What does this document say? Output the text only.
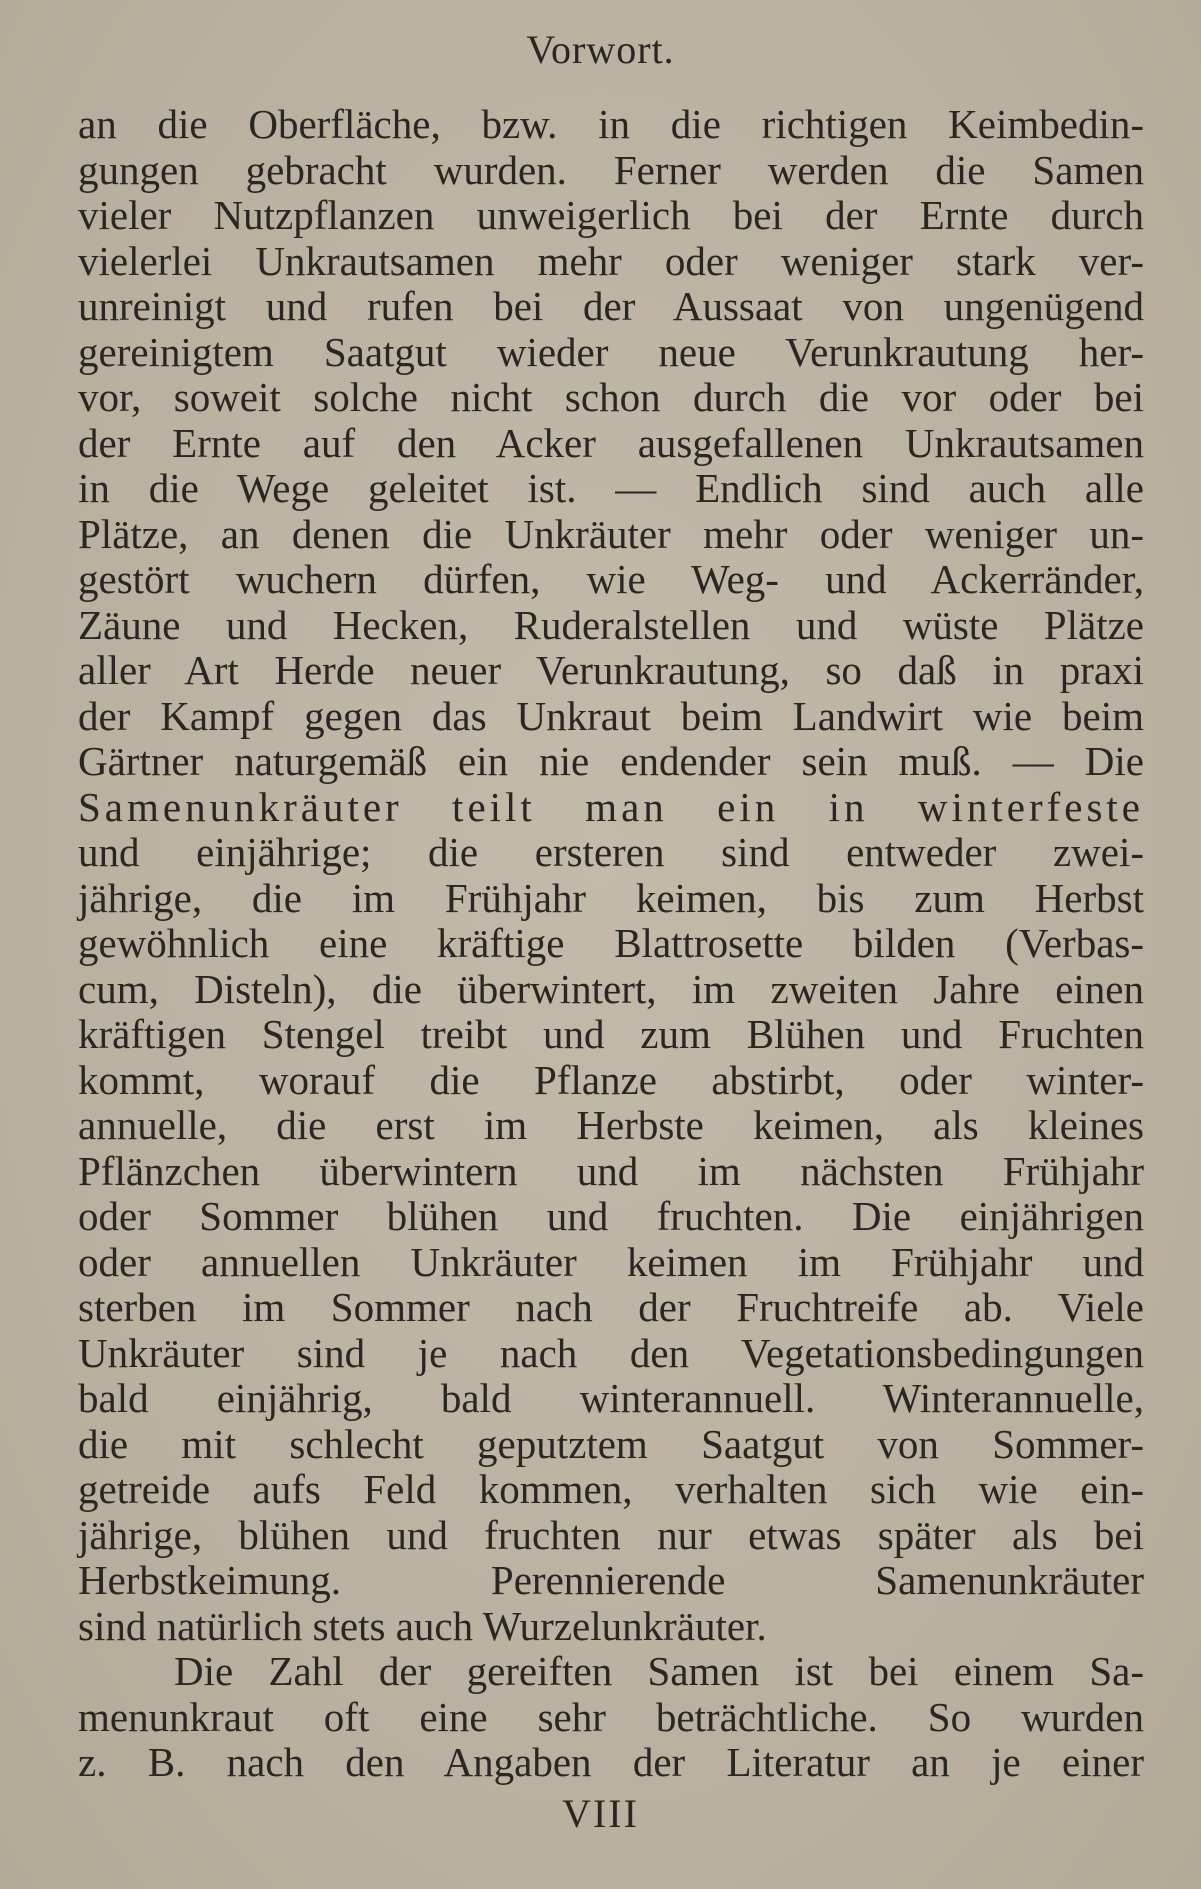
Vorwort.
an die Oberfläche, bzw. in die richtigen Keimbedin-
gungen gebracht wurden. Ferner werden die Samen
vieler Nutzpflanzen unweigerlich bei der Ernte durch
vielerlei Unkrautsamen mehr oder weniger stark ver-
unreinigt und rufen bei der Aussaat von ungenügend
gereinigtem Saatgut wieder neue Verunkrautung her-
vor, soweit solche nicht schon durch die vor oder bei
der Ernte auf den Acker ausgefallenen Unkrautsamen
in die Wege geleitet ist. — Endlich sind auch alle
Plätze, an denen die Unkräuter mehr oder weniger un-
gestört wuchern dürfen, wie Weg- und Ackerränder,
Zäune und Hecken, Ruderalstellen und wüste Plätze
aller Art Herde neuer Verunkrautung, so daß in praxi
der Kampf gegen das Unkraut beim Landwirt wie beim
Gärtner naturgemäß ein nie endender sein muß. — Die
Samenunkräuter teilt man ein in winterfeste
und einjährige; die ersteren sind entweder zwei-
jährige, die im Frühjahr keimen, bis zum Herbst
gewöhnlich eine kräftige Blattrosette bilden (Verbas-
cum, Disteln), die überwintert, im zweiten Jahre einen
kräftigen Stengel treibt und zum Blühen und Fruchten
kommt, worauf die Pflanze abstirbt, oder winter-
annuelle, die erst im Herbste keimen, als kleines
Pflänzchen überwintern und im nächsten Frühjahr
oder Sommer blühen und fruchten. Die einjährigen
oder annuellen Unkräuter keimen im Frühjahr und
sterben im Sommer nach der Fruchtreife ab. Viele
Unkräuter sind je nach den Vegetationsbedingungen
bald einjährig, bald winterannuell. Winterannuelle,
die mit schlecht geputztem Saatgut von Sommer-
getreide aufs Feld kommen, verhalten sich wie ein-
jährige, blühen und fruchten nur etwas später als bei
Herbstkeimung. Perennierende Samenunkräuter
sind natürlich stets auch Wurzelunkräuter.
Die Zahl der gereiften Samen ist bei einem Sa-
menunkraut oft eine sehr beträchtliche. So wurden
z. B. nach den Angaben der Literatur an je einer
VIII
